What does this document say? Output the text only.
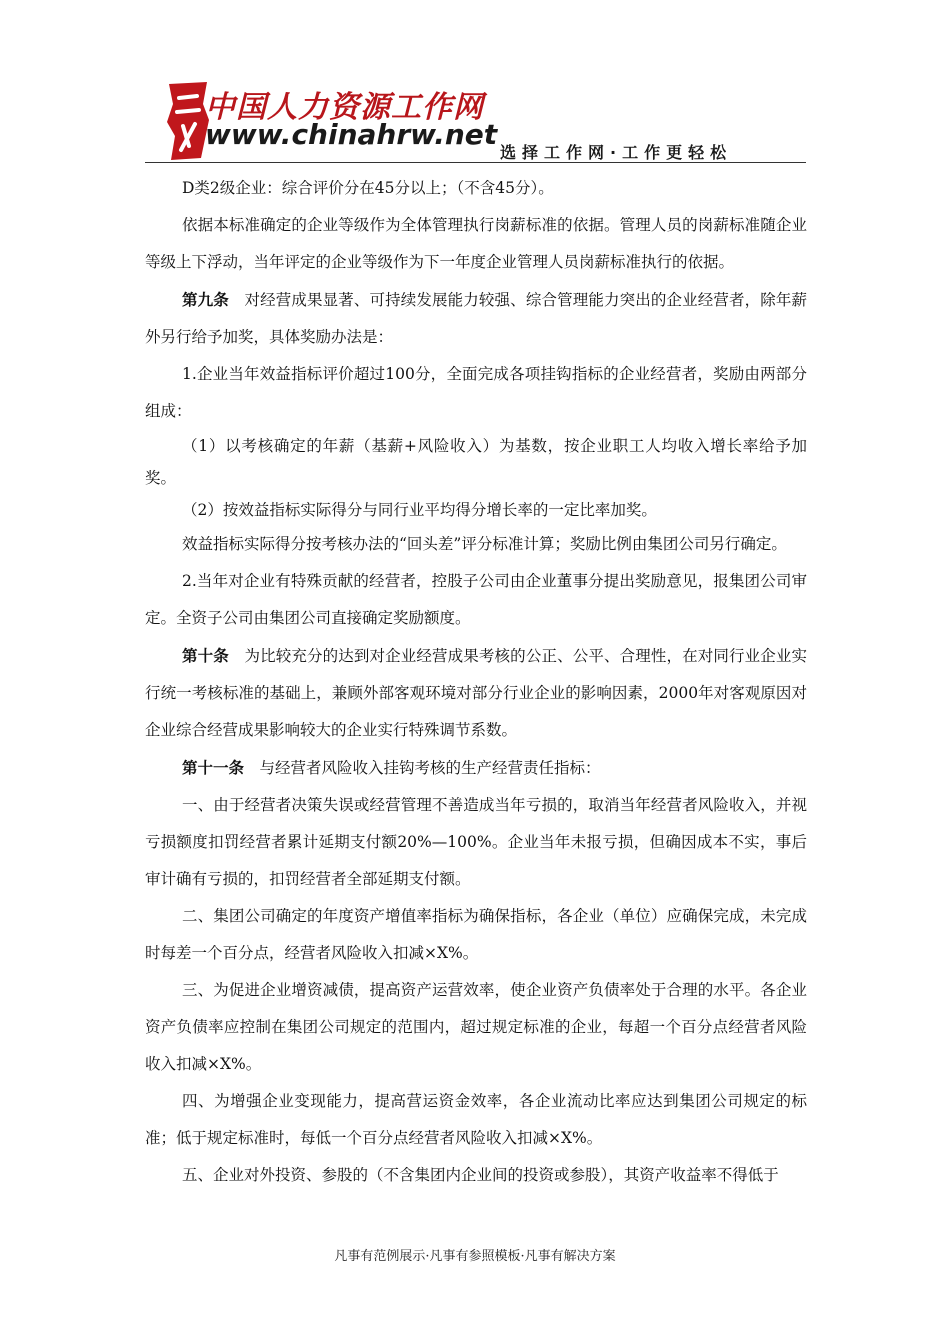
中国人力资源工作网
www.chinahrw.net
选择工作网·工作更轻松

D类2级企业：综合评价分在45分以上；（不含45分）。

依据本标准确定的企业等级作为全体管理执行岗薪标准的依据。管理人员的岗薪标准随企业等级上下浮动，当年评定的企业等级作为下一年度企业管理人员岗薪标准执行的依据。

第九条  对经营成果显著、可持续发展能力较强、综合管理能力突出的企业经营者，除年薪外另行给予加奖，具体奖励办法是：

1.企业当年效益指标评价超过100分，全面完成各项挂钩指标的企业经营者，奖励由两部分组成：

（1）以考核确定的年薪（基薪+风险收入）为基数，按企业职工人均收入增长率给予加奖。

（2）按效益指标实际得分与同行业平均得分增长率的一定比率加奖。

效益指标实际得分按考核办法的“回头差”评分标准计算；奖励比例由集团公司另行确定。

2.当年对企业有特殊贡献的经营者，控股子公司由企业董事分提出奖励意见，报集团公司审定。全资子公司由集团公司直接确定奖励额度。

第十条  为比较充分的达到对企业经营成果考核的公正、公平、合理性，在对同行业企业实行统一考核标准的基础上，兼顾外部客观环境对部分行业企业的影响因素，2000年对客观原因对企业综合经营成果影响较大的企业实行特殊调节系数。

第十一条  与经营者风险收入挂钩考核的生产经营责任指标：

一、由于经营者决策失误或经营管理不善造成当年亏损的，取消当年经营者风险收入，并视亏损额度扣罚经营者累计延期支付额20%—100%。企业当年未报亏损，但确因成本不实，事后审计确有亏损的，扣罚经营者全部延期支付额。

二、集团公司确定的年度资产增值率指标为确保指标，各企业（单位）应确保完成，未完成时每差一个百分点，经营者风险收入扣减×X%。

三、为促进企业增资减债，提高资产运营效率，使企业资产负债率处于合理的水平。各企业资产负债率应控制在集团公司规定的范围内，超过规定标准的企业，每超一个百分点经营者风险收入扣减×X%。

四、为增强企业变现能力，提高营运资金效率，各企业流动比率应达到集团公司规定的标准；低于规定标准时，每低一个百分点经营者风险收入扣减×X%。

五、企业对外投资、参股的（不含集团内企业间的投资或参股），其资产收益率不得低于

凡事有范例展示·凡事有参照模板·凡事有解决方案
